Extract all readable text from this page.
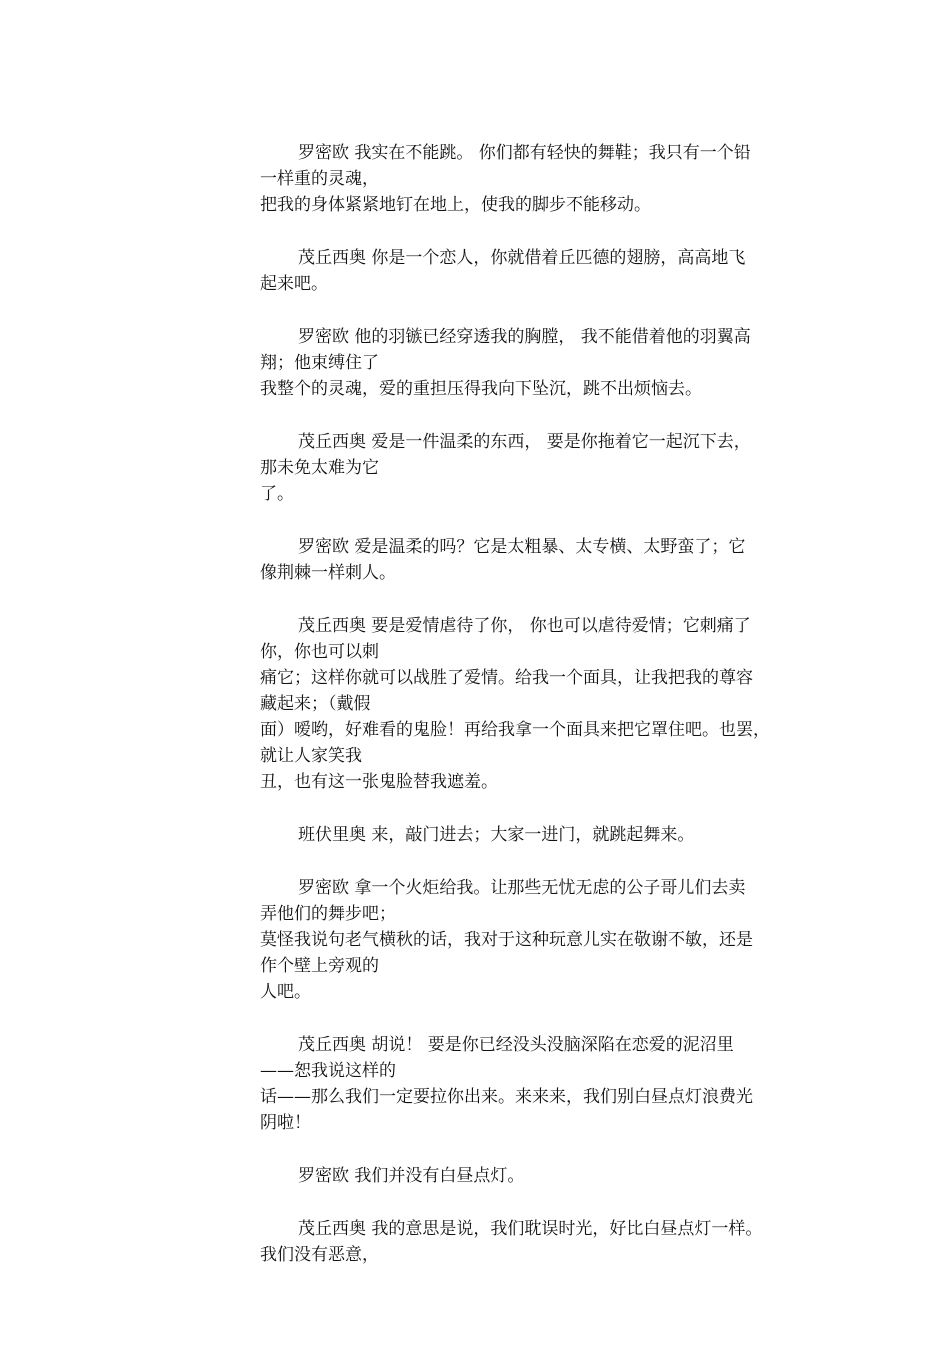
罗密欧 我实在不能跳。 你们都有轻快的舞鞋；我只有一个铅
一样重的灵魂，
把我的身体紧紧地钉在地上，使我的脚步不能移动。
茂丘西奥 你是一个恋人，你就借着丘匹德的翅膀，高高地飞
起来吧。
罗密欧 他的羽镞已经穿透我的胸膛， 我不能借着他的羽翼高
翔；他束缚住了
我整个的灵魂，爱的重担压得我向下坠沉，跳不出烦恼去。
茂丘西奥 爱是一件温柔的东西， 要是你拖着它一起沉下去，
那未免太难为它
了。
罗密欧 爱是温柔的吗？它是太粗暴、太专横、太野蛮了；它
像荆棘一样刺人。
茂丘西奥 要是爱情虐待了你， 你也可以虐待爱情；它刺痛了
你，你也可以刺
痛它；这样你就可以战胜了爱情。给我一个面具，让我把我的尊容
藏起来；（戴假
面）嗳哟，好难看的鬼脸！再给我拿一个面具来把它罩住吧。也罢，
就让人家笑我
丑，也有这一张鬼脸替我遮羞。
班伏里奥 来，敲门进去；大家一进门，就跳起舞来。
罗密欧 拿一个火炬给我。让那些无忧无虑的公子哥儿们去卖
弄他们的舞步吧；
莫怪我说句老气横秋的话，我对于这种玩意儿实在敬谢不敏，还是
作个壁上旁观的
人吧。
茂丘西奥 胡说！ 要是你已经没头没脑深陷在恋爱的泥沼里
——恕我说这样的
话——那么我们一定要拉你出来。来来来，我们别白昼点灯浪费光
阴啦！
罗密欧 我们并没有白昼点灯。
茂丘西奥 我的意思是说，我们耽误时光，好比白昼点灯一样。
我们没有恶意，
